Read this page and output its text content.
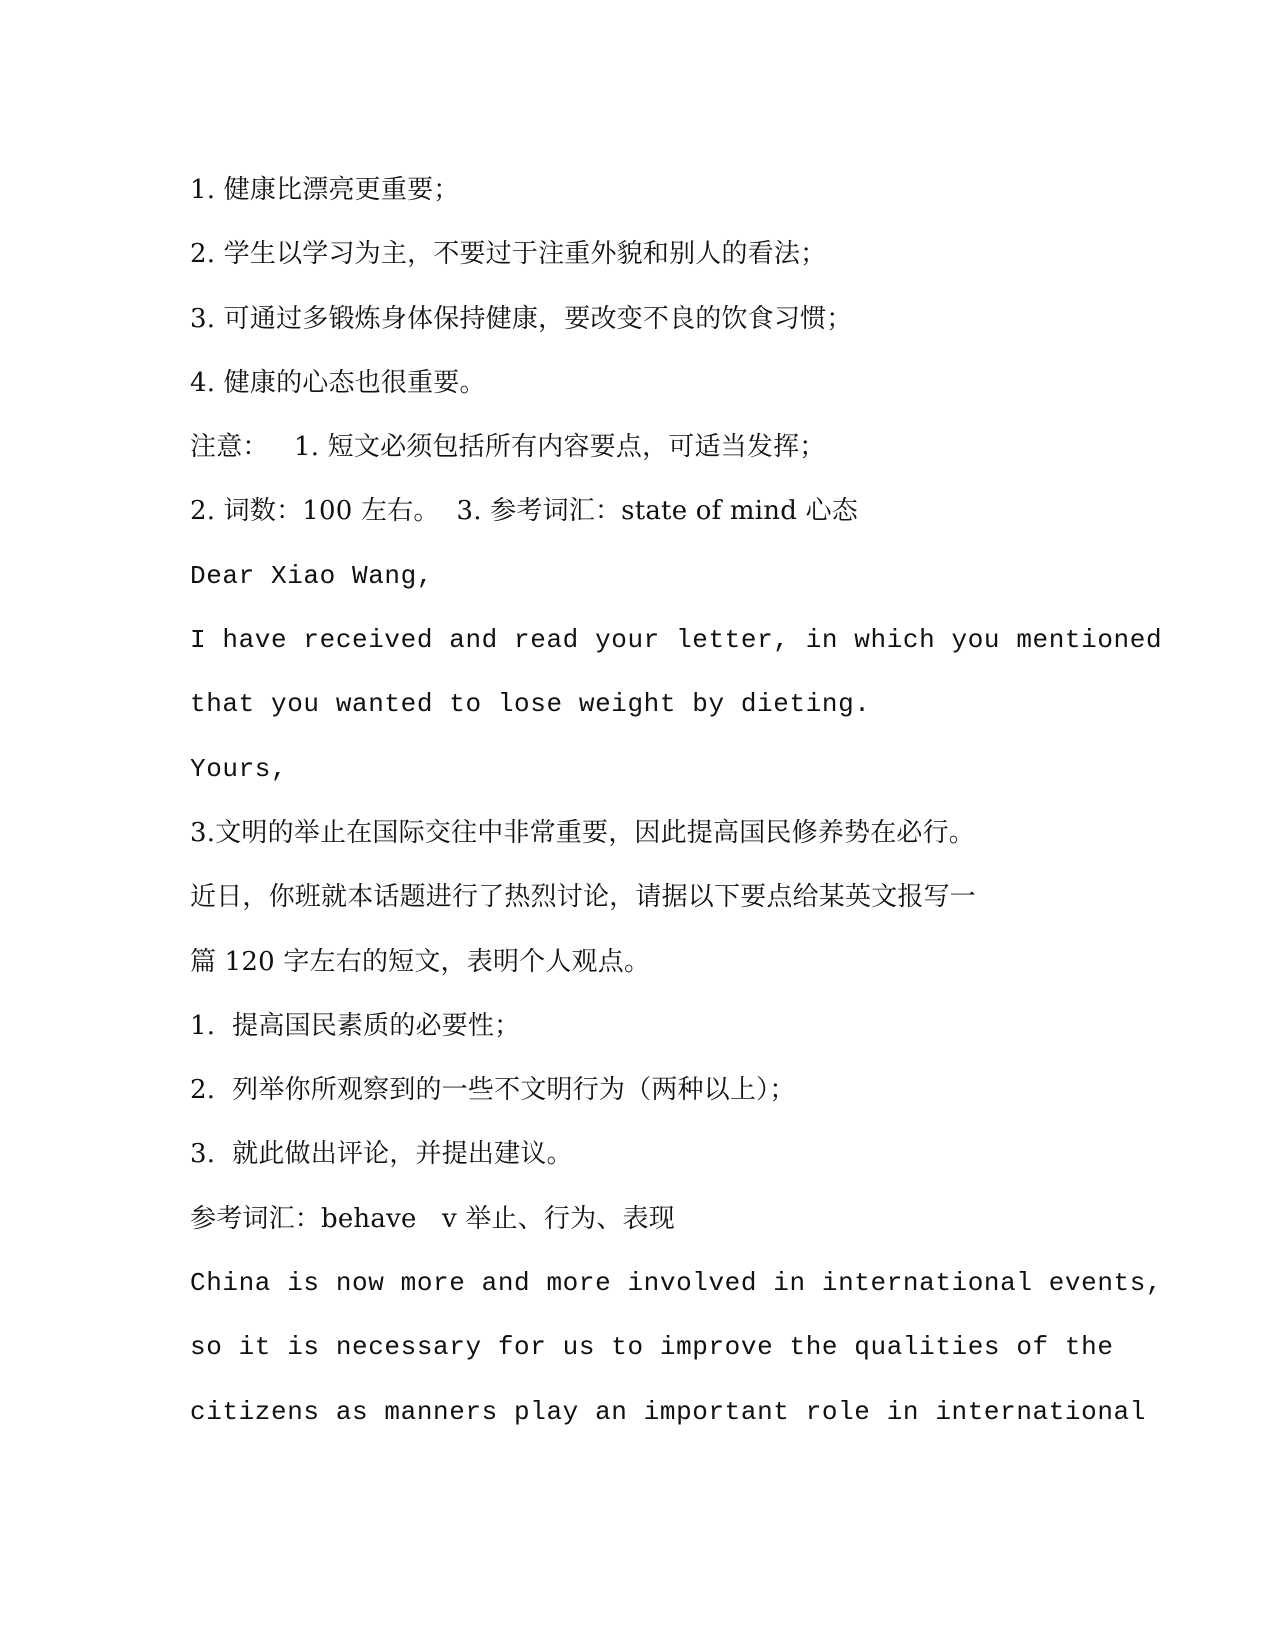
1. 健康比漂亮更重要；
2. 学生以学习为主，不要过于注重外貌和别人的看法；
3. 可通过多锻炼身体保持健康，要改变不良的饮食习惯；
4. 健康的心态也很重要。
注意：   1. 短文必须包括所有内容要点，可适当发挥；
2. 词数：100 左右。  3. 参考词汇：state of mind 心态
Dear Xiao Wang,
I have received and read your letter, in which you mentioned
that you wanted to lose weight by dieting.
Yours,
3.文明的举止在国际交往中非常重要，因此提高国民修养势在必行。
近日，你班就本话题进行了热烈讨论，请据以下要点给某英文报写一
篇 120 字左右的短文，表明个人观点。
1.  提高国民素质的必要性；
2.  列举你所观察到的一些不文明行为（两种以上）；
3.  就此做出评论，并提出建议。
参考词汇：behave   v 举止、行为、表现
China is now more and more involved in international events,
so it is necessary for us to improve the qualities of the
citizens as manners play an important role in international
